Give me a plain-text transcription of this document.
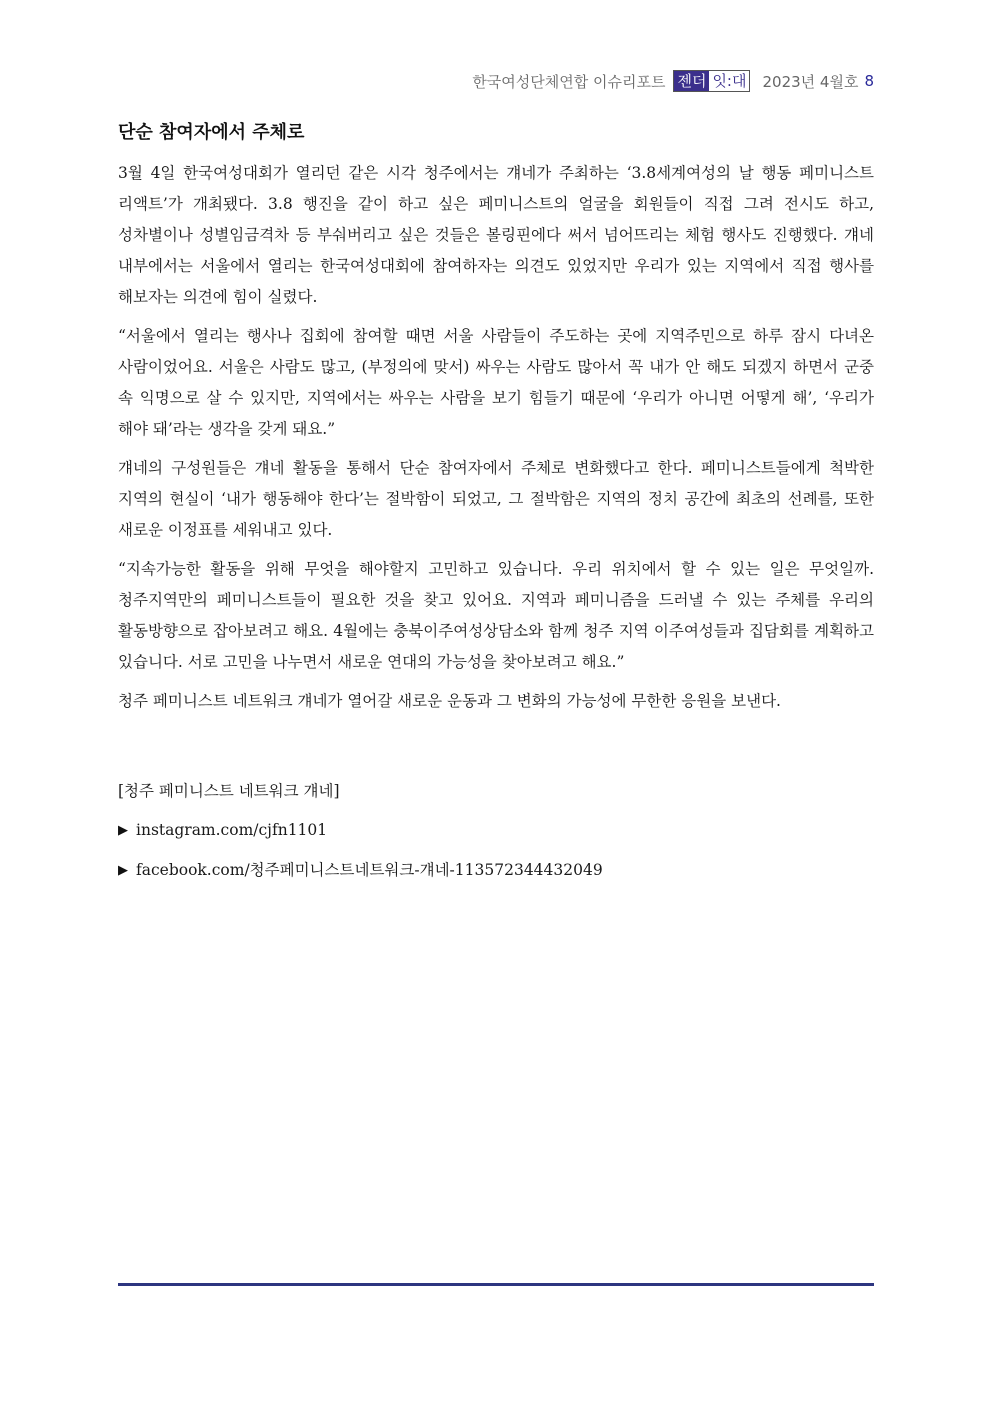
한국여성단체연합 이슈리포트 젠더 잇:대 2023년 4월호 8
단순 참여자에서 주체로

3월 4일 한국여성대회가 열리던 같은 시각 청주에서는 걔네가 주최하는 ‘3.8세계여성의 날 행동 페미니스트 리액트’가 개최됐다. 3.8 행진을 같이 하고 싶은 페미니스트의 얼굴을 회원들이 직접 그려 전시도 하고, 성차별이나 성별임금격차 등 부숴버리고 싶은 것들은 볼링핀에다 써서 넘어뜨리는 체험 행사도 진행했다. 걔네 내부에서는 서울에서 열리는 한국여성대회에 참여하자는 의견도 있었지만 우리가 있는 지역에서 직접 행사를 해보자는 의견에 힘이 실렸다.

“서울에서 열리는 행사나 집회에 참여할 때면 서울 사람들이 주도하는 곳에 지역주민으로 하루 잠시 다녀온 사람이었어요. 서울은 사람도 많고, (부정의에 맞서) 싸우는 사람도 많아서 꼭 내가 안 해도 되겠지 하면서 군중 속 익명으로 살 수 있지만, 지역에서는 싸우는 사람을 보기 힘들기 때문에 ‘우리가 아니면 어떻게 해’, ‘우리가 해야 돼’라는 생각을 갖게 돼요.”

걔네의 구성원들은 걔네 활동을 통해서 단순 참여자에서 주체로 변화했다고 한다. 페미니스트들에게 척박한 지역의 현실이 ‘내가 행동해야 한다’는 절박함이 되었고, 그 절박함은 지역의 정치 공간에 최초의 선례를, 또한 새로운 이정표를 세워내고 있다.

“지속가능한 활동을 위해 무엇을 해야할지 고민하고 있습니다. 우리 위치에서 할 수 있는 일은 무엇일까. 청주지역만의 페미니스트들이 필요한 것을 찾고 있어요. 지역과 페미니즘을 드러낼 수 있는 주체를 우리의 활동방향으로 잡아보려고 해요. 4월에는 충북이주여성상담소와 함께 청주 지역 이주여성들과 집담회를 계획하고 있습니다. 서로 고민을 나누면서 새로운 연대의 가능성을 찾아보려고 해요.”

청주 페미니스트 네트워크 걔네가 열어갈 새로운 운동과 그 변화의 가능성에 무한한 응원을 보낸다.

[청주 페미니스트 네트워크 걔네]
▶ instagram.com/cjfn1101
▶ facebook.com/청주페미니스트네트워크-걔네-113572344432049
